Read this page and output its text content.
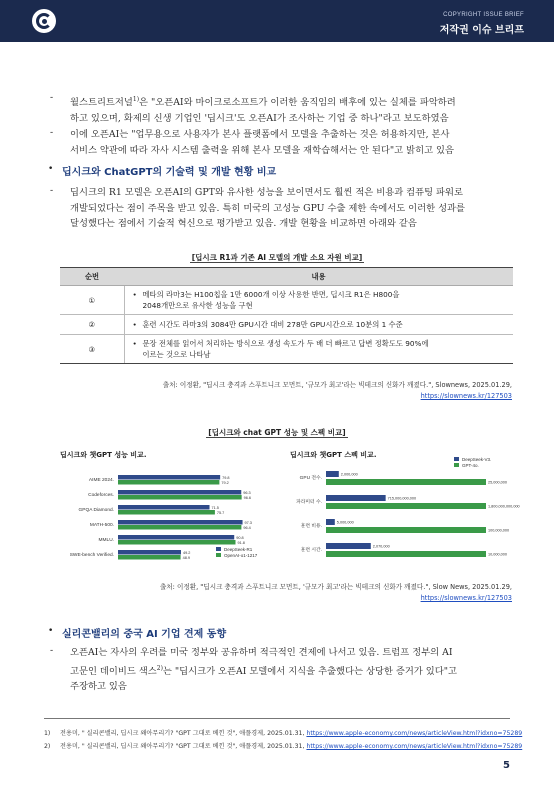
COPYRIGHT ISSUE BRIEF
저작권 이슈 브리프
- 월스트리트저널$^{1)}$은 "오픈AI와 마이크로소프트가 이러한 움직임의 배후에 있는 실체를 파악하려
하고 있으며, 화제의 신생 기업인 '딥시크'도 오픈AI가 조사하는 기업 중 하나"라고 보도하였음
- 이에 오픈AI는 "업무용으로 사용자가 본사 플랫폼에서 모델을 추출하는 것은 허용하지만, 본사
서비스 약관에 따라 자사 시스템 출력을 위해 본사 모델을 재학습해서는 안 된다"고 밝히고 있음
• 딥시크와 ChatGPT의 기술력 및 개발 현황 비교
- 딥시크의 R1 모델은 오픈AI의 GPT와 유사한 성능을 보이면서도 훨씬 적은 비용과 컴퓨팅 파워로
개발되었다는 점이 주목을 받고 있음. 특히 미국의 고성능 GPU 수출 제한 속에서도 이러한 성과를
달성했다는 점에서 기술적 혁신으로 평가받고 있음. 개발 현황을 비교하면 아래와 같음
[딥시크 R1과 기존 AI 모델의 개발 소요 자원 비교]
순번	내용
①	• 메타의 라마3는 H100칩을 1만 6000개 이상 사용한 반면, 딥시크 R1은 H800을
2048개만으로 유사한 성능을 구현

②	• 훈련 시간도 라마3의 3084만 GPU시간 대비 278만 GPU시간으로 10분의 1 수준

③	• 문장 전체를 읽어서 처리하는 방식으로 생성 속도가 두 배 더 빠르고 답변 정확도도 90%에
이르는 것으로 나타남
출처: 이정환, "딥시크 충격과 스푸트니크 모먼트, '규모가 최고'라는 빅테크의 신화가 깨졌다.", Slownews, 2025.01.29,
https://slownews.kr/127503
[딥시크와 chat GPT 성능 및 스펙 비교]
딥시크와 챗GPT 성능 비교.
DeepSeek-R1
OpenAI-o1-1217
AIME 2024.
79.8
79.2
Codeforces.
96.3
96.6
GPQA Diamond.
71.5
75.7
MATH-500.
97.3
96.4
MMLU.
90.8
91.8
SWE-bench Verified.
49.2
48.9
딥시크와 챗GPT 스펙 비교.
DeepSeek-V3.
GPT-4o.
GPU 전수.
2,000,000
25,000,000
파라미터 수.
715,000,000,000
1,800,000,000,000
훈련 비용.
5,000,000
100,000,000
훈련 시간.
2,070,000
10,000,000
출처: 이정환, "딥시크 충격과 스푸트니크 모먼트, '규모가 최고'라는 빅테크의 신화가 깨졌다.", Slow News, 2025.01.29,
https://slownews.kr/127503
• 실리콘밸리의 중국 AI 기업 견제 동향
- 오픈AI는 자사의 우려를 미국 정부와 공유하며 적극적인 견제에 나서고 있음. 트럼프 정부의 AI
고문인 데이비드 색스$^{2)}$는 "딥시크가 오픈AI 모델에서 지식을 추출했다는 상당한 증거가 있다"고
주장하고 있음
1) 전용미, " 실리콘밸리, 딥시크 왜아무리기? "GPT 그대로 베낀 것", 애플경제, 2025.01.31, https://www.apple-economy.com/news/articleView.html?idxno=75289
2) 전용미, " 실리콘밸리, 딥시크 왜아무리기? "GPT 그대로 베낀 것", 애플경제, 2025.01.31, https://www.apple-economy.com/news/articleView.html?idxno=75289
5
